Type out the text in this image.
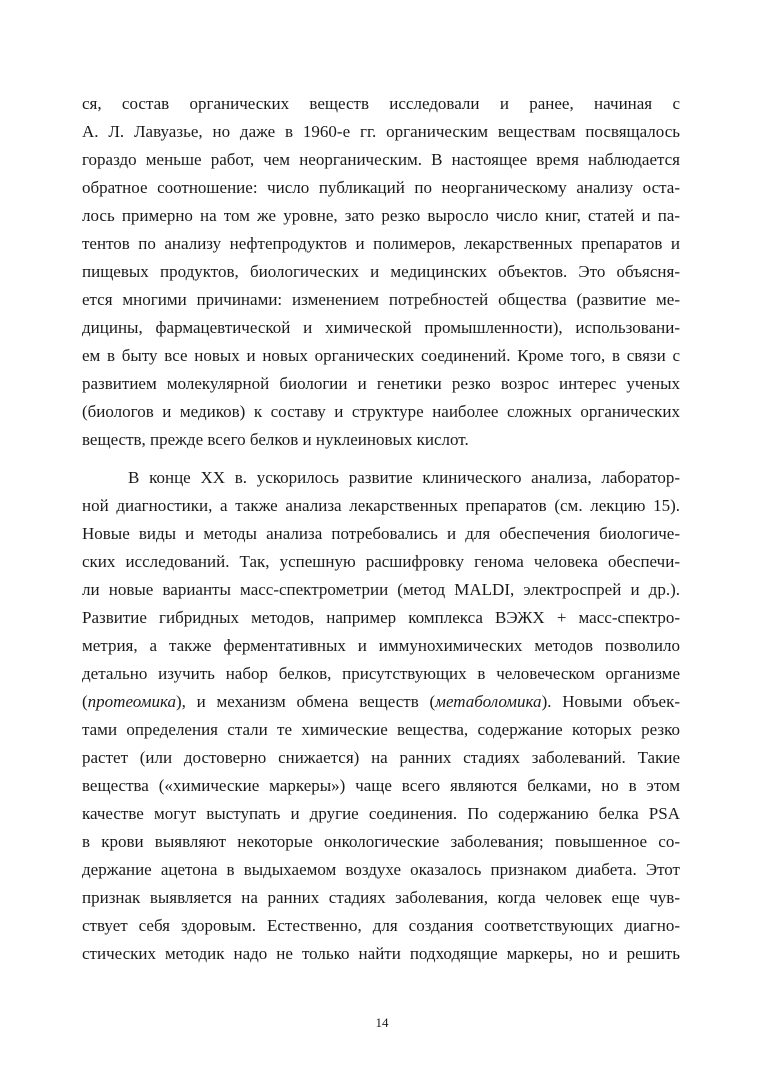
ся, состав органических веществ исследовали и ранее, начиная с
А. Л. Лавуазье, но даже в 1960-е гг. органическим веществам посвящалось
гораздо меньше работ, чем неорганическим. В настоящее время наблюдается
обратное соотношение: число публикаций по неорганическому анализу оста-
лось примерно на том же уровне, зато резко выросло число книг, статей и па-
тентов по анализу нефтепродуктов и полимеров, лекарственных препаратов и
пищевых продуктов, биологических и медицинских объектов. Это объясня-
ется многими причинами: изменением потребностей общества (развитие ме-
дицины, фармацевтической и химической промышленности), использовани-
ем в быту все новых и новых органических соединений. Кроме того, в связи с
развитием молекулярной биологии и генетики резко возрос интерес ученых
(биологов и медиков) к составу и структуре наиболее сложных органических
веществ, прежде всего белков и нуклеиновых кислот.
В конце XX в. ускорилось развитие клинического анализа, лаборатор-
ной диагностики, а также анализа лекарственных препаратов (см. лекцию 15).
Новые виды и методы анализа потребовались и для обеспечения биологиче-
ских исследований. Так, успешную расшифровку генома человека обеспечи-
ли новые варианты масс-спектрометрии (метод MALDI, электроспрей и др.).
Развитие гибридных методов, например комплекса ВЭЖХ + масс-спектро-
метрия, а также ферментативных и иммунохимических методов позволило
детально изучить набор белков, присутствующих в человеческом организме
(протеомика), и механизм обмена веществ (метаболомика). Новыми объек-
тами определения стали те химические вещества, содержание которых резко
растет (или достоверно снижается) на ранних стадиях заболеваний. Такие
вещества («химические маркеры») чаще всего являются белками, но в этом
качестве могут выступать и другие соединения. По содержанию белка PSA
в крови выявляют некоторые онкологические заболевания; повышенное со-
держание ацетона в выдыхаемом воздухе оказалось признаком диабета. Этот
признак выявляется на ранних стадиях заболевания, когда человек еще чув-
ствует себя здоровым. Естественно, для создания соответствующих диагно-
стических методик надо не только найти подходящие маркеры, но и решить
14
